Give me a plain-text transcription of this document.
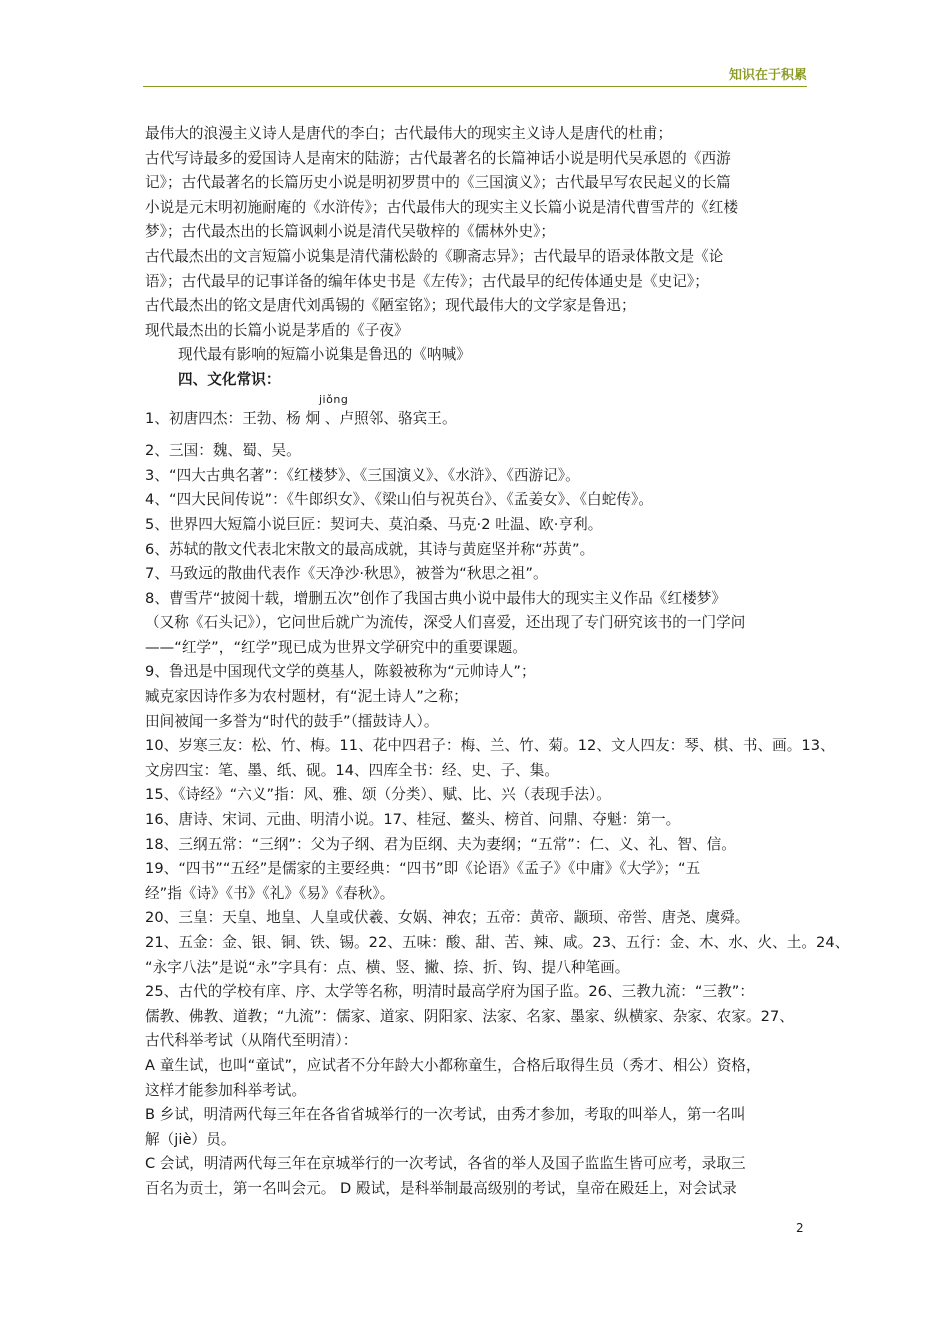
知识在于积累
最伟大的浪漫主义诗人是唐代的李白；古代最伟大的现实主义诗人是唐代的杜甫；
古代写诗最多的爱国诗人是南宋的陆游；古代最著名的长篇神话小说是明代吴承恩的《西游
记》；古代最著名的长篇历史小说是明初罗贯中的《三国演义》；古代最早写农民起义的长篇
小说是元末明初施耐庵的《水浒传》；古代最伟大的现实主义长篇小说是清代曹雪芹的《红楼
梦》；古代最杰出的长篇讽刺小说是清代吴敬梓的《儒林外史》；
古代最杰出的文言短篇小说集是清代蒲松龄的《聊斋志异》；古代最早的语录体散文是《论
语》；古代最早的记事详备的编年体史书是《左传》；古代最早的纪传体通史是《史记》；
古代最杰出的铭文是唐代刘禹锡的《陋室铭》；现代最伟大的文学家是鲁迅；
现代最杰出的长篇小说是茅盾的《子夜》
现代最有影响的短篇小说集是鲁迅的《呐喊》
四、文化常识：
jiǒng
1、初唐四杰：王勃、杨 炯 、卢照邻、骆宾王。
2、三国：魏、蜀、吴。
3、“四大古典名著”：《红楼梦》、《三国演义》、《水浒》、《西游记》。
4、“四大民间传说”：《牛郎织女》、《梁山伯与祝英台》、《孟姜女》、《白蛇传》。
5、世界四大短篇小说巨匠：契诃夫、莫泊桑、马克·2 吐温、欧·亨利。
6、苏轼的散文代表北宋散文的最高成就，其诗与黄庭坚并称“苏黄”。
7、马致远的散曲代表作《天净沙·秋思》，被誉为“秋思之祖”。
8、曹雪芹“披阅十载，增删五次”创作了我国古典小说中最伟大的现实主义作品《红楼梦》
（又称《石头记》），它问世后就广为流传，深受人们喜爱，还出现了专门研究该书的一门学问
——“红学”，“红学”现已成为世界文学研究中的重要课题。
9、鲁迅是中国现代文学的奠基人，陈毅被称为“元帅诗人”；
臧克家因诗作多为农村题材，有“泥土诗人”之称；
田间被闻一多誉为“时代的鼓手”（擂鼓诗人）。
10、岁寒三友：松、竹、梅。11、花中四君子：梅、兰、竹、菊。12、文人四友：琴、棋、书、画。13、
文房四宝：笔、墨、纸、砚。14、四库全书：经、史、子、集。
15、《诗经》“六义”指：风、雅、颂（分类）、赋、比、兴（表现手法）。
16、唐诗、宋词、元曲、明清小说。17、桂冠、鳌头、榜首、问鼎、夺魁：第一。
18、三纲五常：“三纲”：父为子纲、君为臣纲、夫为妻纲；“五常”：仁、义、礼、智、信。
19、“四书”“五经”是儒家的主要经典：“四书”即《论语》《孟子》《中庸》《大学》；“五
经”指《诗》《书》《礼》《易》《春秋》。
20、三皇：天皇、地皇、人皇或伏羲、女娲、神农；五帝：黄帝、颛顼、帝喾、唐尧、虞舜。
21、五金：金、银、铜、铁、锡。22、五味：酸、甜、苦、辣、咸。23、五行：金、木、水、火、土。24、
“永字八法”是说“永”字具有：点、横、竖、撇、捺、折、钩、提八种笔画。
25、古代的学校有庠、序、太学等名称，明清时最高学府为国子监。26、三教九流：“三教”：
儒教、佛教、道教；“九流”：儒家、道家、阴阳家、法家、名家、墨家、纵横家、杂家、农家。27、
古代科举考试（从隋代至明清）：
A 童生试，也叫“童试”，应试者不分年龄大小都称童生，合格后取得生员（秀才、相公）资格，
这样才能参加科举考试。
B 乡试，明清两代每三年在各省省城举行的一次考试，由秀才参加，考取的叫举人，第一名叫
解（jiè）员。
C 会试，明清两代每三年在京城举行的一次考试，各省的举人及国子监监生皆可应考，录取三
百名为贡士，第一名叫会元。 D 殿试，是科举制最高级别的考试，皇帝在殿廷上，对会试录
2
